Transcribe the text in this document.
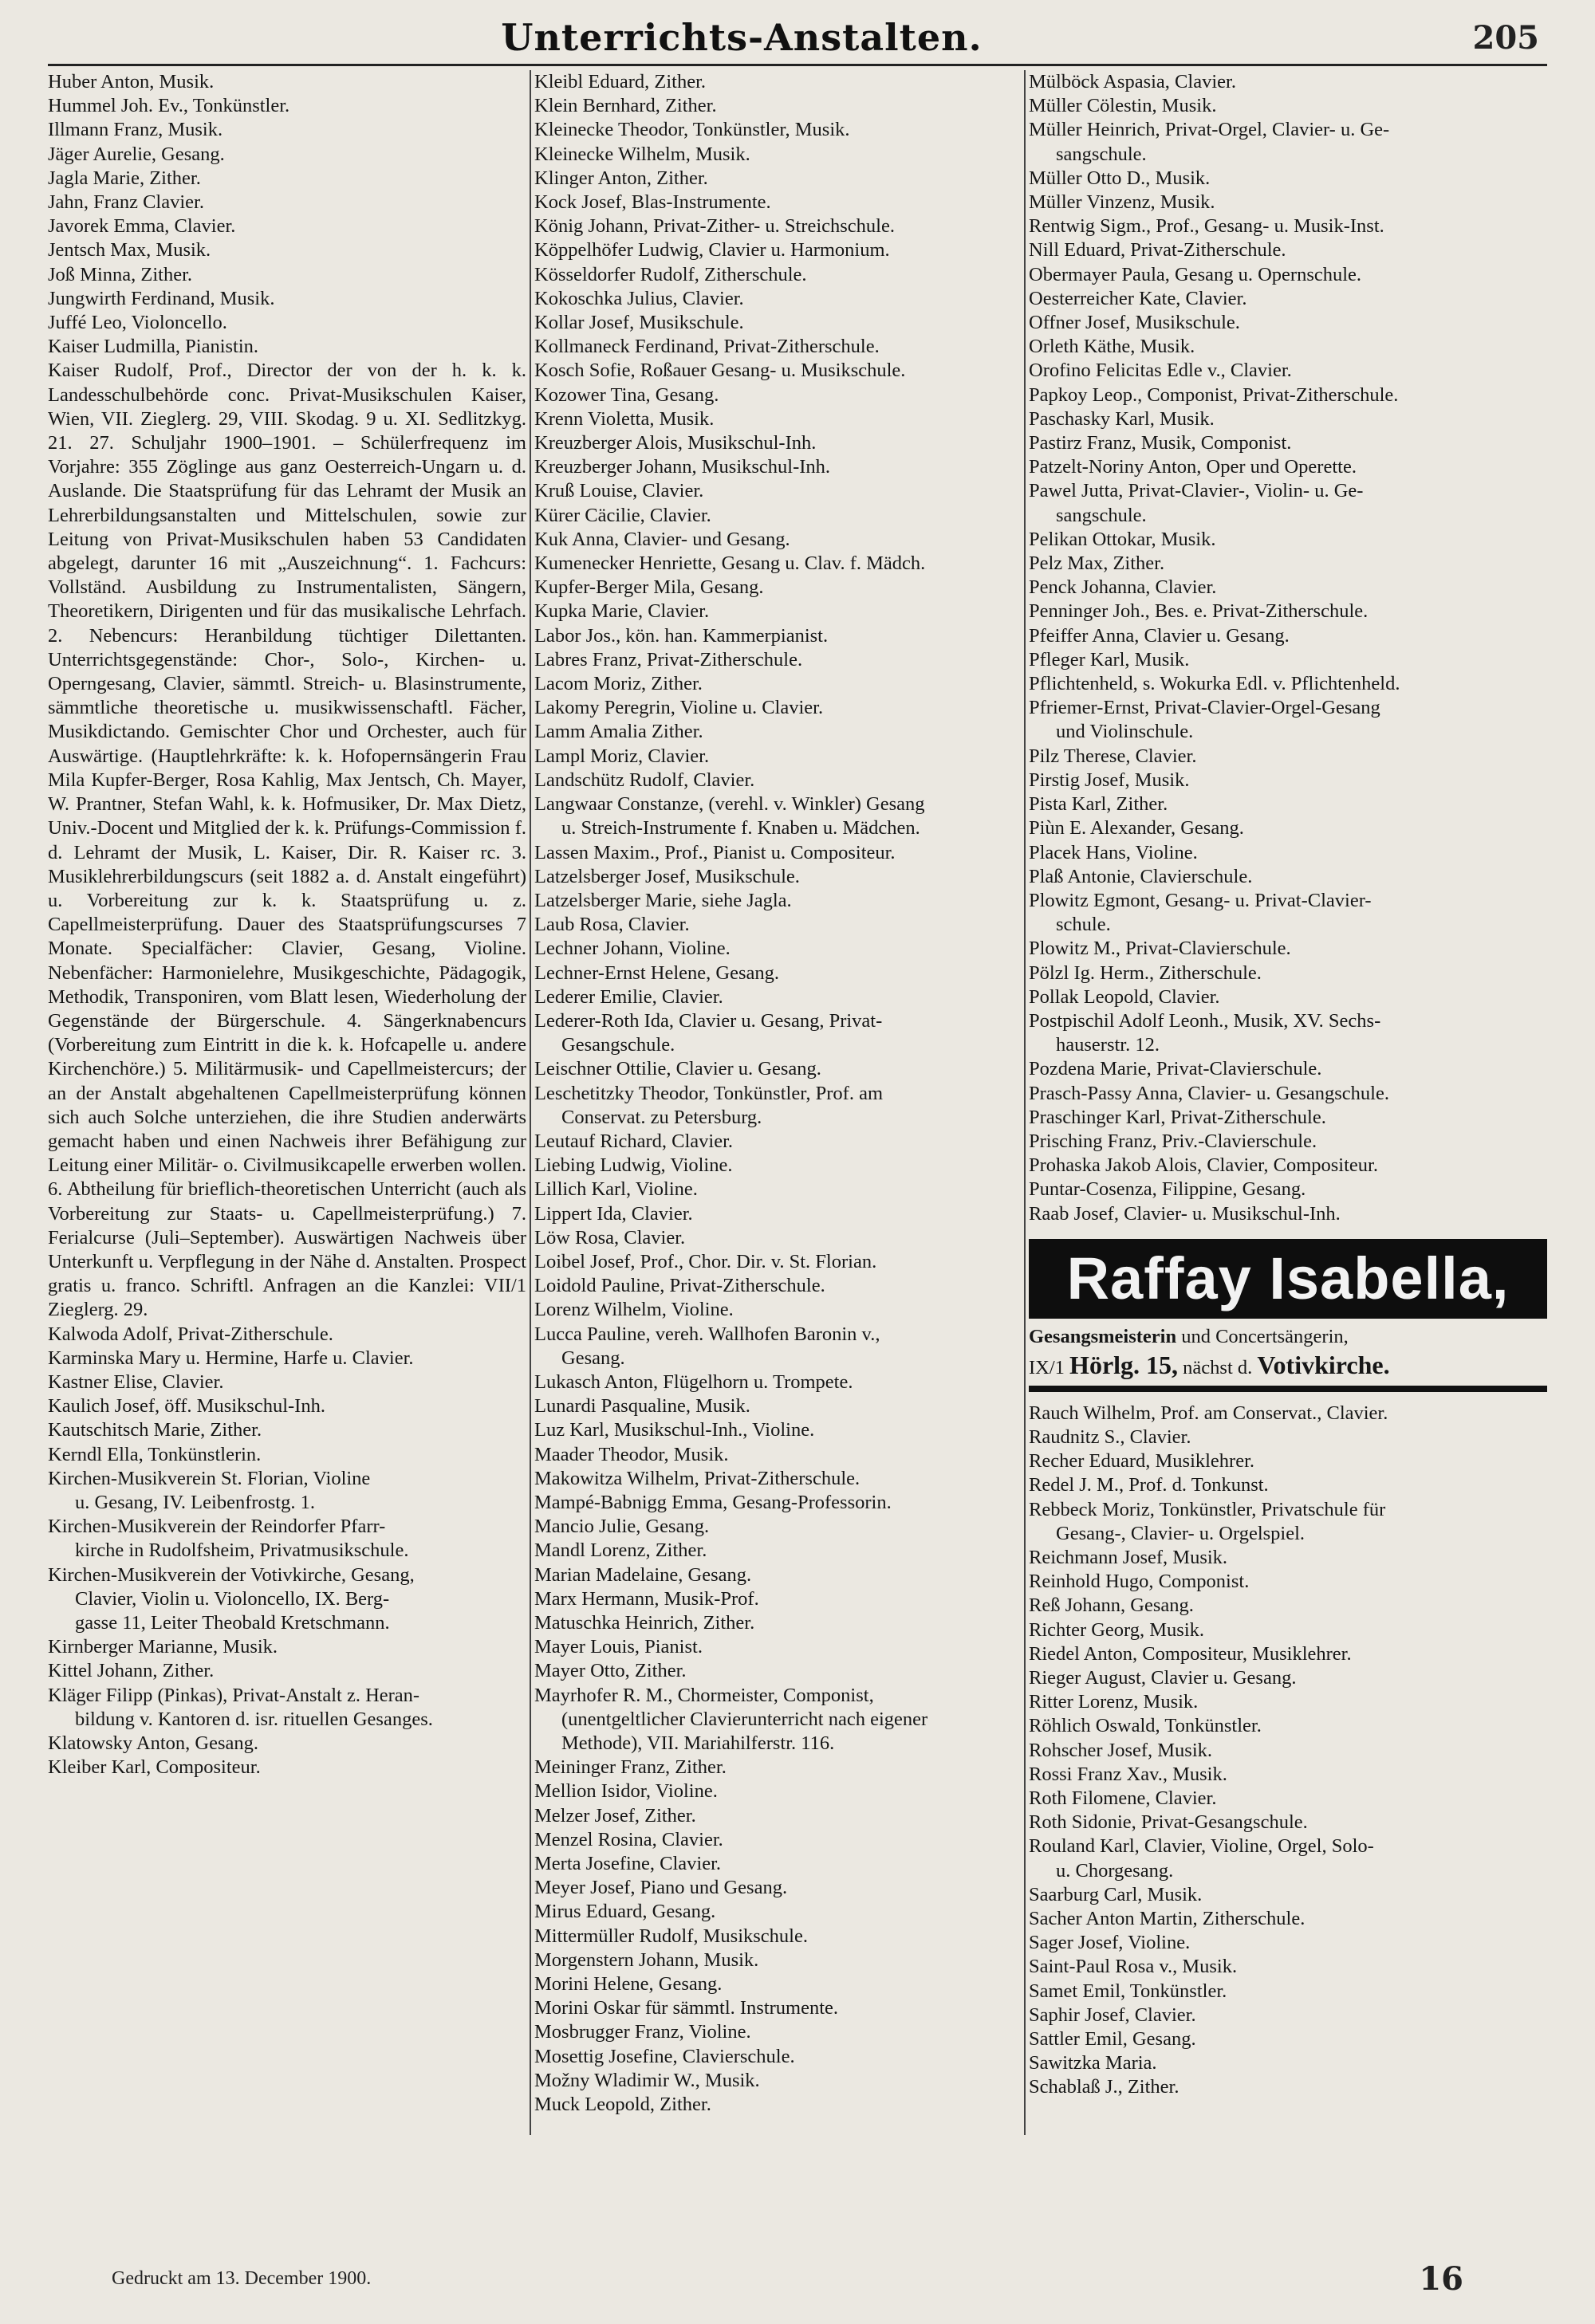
Unterrichts-Anstalten.	205
Huber Anton, Musik.
Hummel Joh. Ev., Tonkünstler.
Illmann Franz, Musik.
Jäger Aurelie, Gesang.
Jagla Marie, Zither.
Jahn, Franz Clavier.
Javorek Emma, Clavier.
Jentsch Max, Musik.
Joß Minna, Zither.
Jungwirth Ferdinand, Musik.
Juffé Leo, Violoncello.
Kaiser Ludmilla, Pianistin.
Kaiser Rudolf, Prof., Director der von der h. k. k. Landesschulbehörde conc. Privat-Musikschulen Kaiser, Wien, VII. Zieglerg. 29, VIII. Skodag. 9 u. XI. Sedlitzkyg. 21. 27. Schuljahr 1900–1901. – Schülerfrequenz im Vorjahre: 355 Zöglinge aus ganz Oesterreich-Ungarn u. d. Auslande. Die Staatsprüfung für das Lehramt der Musik an Lehrerbildungsanstalten und Mittelschulen, sowie zur Leitung von Privat-Musikschulen haben 53 Candidaten abgelegt, darunter 16 mit „Auszeichnung“. 1. Fachcurs: Vollständ. Ausbildung zu Instrumentalisten, Sängern, Theoretikern, Dirigenten und für das musikalische Lehrfach. 2. Nebencurs: Heranbildung tüchtiger Dilettanten. Unterrichtsgegenstände: Chor-, Solo-, Kirchen- u. Operngesang, Clavier, sämmtl. Streich- u. Blasinstrumente, sämmtliche theoretische u. musikwissenschaftl. Fächer, Musikdictando. Gemischter Chor und Orchester, auch für Auswärtige. (Hauptlehrkräfte: k. k. Hofopernsängerin Frau Mila Kupfer-Berger, Rosa Kahlig, Max Jentsch, Ch. Mayer, W. Prantner, Stefan Wahl, k. k. Hofmusiker, Dr. Max Dietz, Univ.-Docent und Mitglied der k. k. Prüfungs-Commission f. d. Lehramt der Musik, L. Kaiser, Dir. R. Kaiser rc. 3. Musiklehrerbildungscurs (seit 1882 a. d. Anstalt eingeführt) u. Vorbereitung zur k. k. Staatsprüfung u. z. Capellmeisterprüfung. Dauer des Staatsprüfungscurses 7 Monate. Specialfächer: Clavier, Gesang, Violine. Nebenfächer: Harmonielehre, Musikgeschichte, Pädagogik, Methodik, Transponiren, vom Blatt lesen, Wiederholung der Gegenstände der Bürgerschule. 4. Sängerknabencurs (Vorbereitung zum Eintritt in die k. k. Hofcapelle u. andere Kirchenchöre.) 5. Militärmusik- und Capellmeistercurs; der an der Anstalt abgehaltenen Capellmeisterprüfung können sich auch Solche unterziehen, die ihre Studien anderwärts gemacht haben und einen Nachweis ihrer Befähigung zur Leitung einer Militär- o. Civilmusikcapelle erwerben wollen. 6. Abtheilung für brieflich-theoretischen Unterricht (auch als Vorbereitung zur Staats- u. Capellmeisterprüfung.) 7. Ferialcurse (Juli–September). Auswärtigen Nachweis über Unterkunft u. Verpflegung in der Nähe d. Anstalten. Prospect gratis u. franco. Schriftl. Anfragen an die Kanzlei: VII/1 Zieglerg. 29.
Kalwoda Adolf, Privat-Zitherschule.
Karminska Mary u. Hermine, Harfe u. Clavier.
Kastner Elise, Clavier.
Kaulich Josef, öff. Musikschul-Inh.
Kautschitsch Marie, Zither.
Kerndl Ella, Tonkünstlerin.
Kirchen-Musikverein St. Florian, Violine
u. Gesang, IV. Leibenfrostg. 1.
Kirchen-Musikverein der Reindorfer Pfarr-
kirche in Rudolfsheim, Privatmusikschule.
Kirchen-Musikverein der Votivkirche, Gesang,
Clavier, Violin u. Violoncello, IX. Berg-
gasse 11, Leiter Theobald Kretschmann.
Kirnberger Marianne, Musik.
Kittel Johann, Zither.
Kläger Filipp (Pinkas), Privat-Anstalt z. Heran-
bildung v. Kantoren d. isr. rituellen Gesanges.
Klatowsky Anton, Gesang.
Kleiber Karl, Compositeur.
Kleibl Eduard, Zither.
Klein Bernhard, Zither.
Kleinecke Theodor, Tonkünstler, Musik.
Kleinecke Wilhelm, Musik.
Klinger Anton, Zither.
Kock Josef, Blas-Instrumente.
König Johann, Privat-Zither- u. Streichschule.
Köppelhöfer Ludwig, Clavier u. Harmonium.
Kösseldorfer Rudolf, Zitherschule.
Kokoschka Julius, Clavier.
Kollar Josef, Musikschule.
Kollmaneck Ferdinand, Privat-Zitherschule.
Kosch Sofie, Roßauer Gesang- u. Musikschule.
Kozower Tina, Gesang.
Krenn Violetta, Musik.
Kreuzberger Alois, Musikschul-Inh.
Kreuzberger Johann, Musikschul-Inh.
Kruß Louise, Clavier.
Kürer Cäcilie, Clavier.
Kuk Anna, Clavier- und Gesang.
Kumenecker Henriette, Gesang u. Clav. f. Mädch.
Kupfer-Berger Mila, Gesang.
Kupka Marie, Clavier.
Labor Jos., kön. han. Kammerpianist.
Labres Franz, Privat-Zitherschule.
Lacom Moriz, Zither.
Lakomy Peregrin, Violine u. Clavier.
Lamm Amalia Zither.
Lampl Moriz, Clavier.
Landschütz Rudolf, Clavier.
Langwaar Constanze, (verehl. v. Winkler) Gesang
u. Streich-Instrumente f. Knaben u. Mädchen.
Lassen Maxim., Prof., Pianist u. Compositeur.
Latzelsberger Josef, Musikschule.
Latzelsberger Marie, siehe Jagla.
Laub Rosa, Clavier.
Lechner Johann, Violine.
Lechner-Ernst Helene, Gesang.
Lederer Emilie, Clavier.
Lederer-Roth Ida, Clavier u. Gesang, Privat-
Gesangschule.
Leischner Ottilie, Clavier u. Gesang.
Leschetitzky Theodor, Tonkünstler, Prof. am
Conservat. zu Petersburg.
Leutauf Richard, Clavier.
Liebing Ludwig, Violine.
Lillich Karl, Violine.
Lippert Ida, Clavier.
Löw Rosa, Clavier.
Loibel Josef, Prof., Chor. Dir. v. St. Florian.
Loidold Pauline, Privat-Zitherschule.
Lorenz Wilhelm, Violine.
Lucca Pauline, vereh. Wallhofen Baronin v.,
Gesang.
Lukasch Anton, Flügelhorn u. Trompete.
Lunardi Pasqualine, Musik.
Luz Karl, Musikschul-Inh., Violine.
Maader Theodor, Musik.
Makowitza Wilhelm, Privat-Zitherschule.
Mampé-Babnigg Emma, Gesang-Professorin.
Mancio Julie, Gesang.
Mandl Lorenz, Zither.
Marian Madelaine, Gesang.
Marx Hermann, Musik-Prof.
Matuschka Heinrich, Zither.
Mayer Louis, Pianist.
Mayer Otto, Zither.
Mayrhofer R. M., Chormeister, Componist,
(unentgeltlicher Clavierunterricht nach eigener
Methode), VII. Mariahilferstr. 116.
Meininger Franz, Zither.
Mellion Isidor, Violine.
Melzer Josef, Zither.
Menzel Rosina, Clavier.
Merta Josefine, Clavier.
Meyer Josef, Piano und Gesang.
Mirus Eduard, Gesang.
Mittermüller Rudolf, Musikschule.
Morgenstern Johann, Musik.
Morini Helene, Gesang.
Morini Oskar für sämmtl. Instrumente.
Mosbrugger Franz, Violine.
Mosettig Josefine, Clavierschule.
Možny Wladimir W., Musik.
Muck Leopold, Zither.
Mülböck Aspasia, Clavier.
Müller Cölestin, Musik.
Müller Heinrich, Privat-Orgel, Clavier- u. Ge-
sangschule.
Müller Otto D., Musik.
Müller Vinzenz, Musik.
Rentwig Sigm., Prof., Gesang- u. Musik-Inst.
Nill Eduard, Privat-Zitherschule.
Obermayer Paula, Gesang u. Opernschule.
Oesterreicher Kate, Clavier.
Offner Josef, Musikschule.
Orleth Käthe, Musik.
Orofino Felicitas Edle v., Clavier.
Papkoy Leop., Componist, Privat-Zitherschule.
Paschasky Karl, Musik.
Pastirz Franz, Musik, Componist.
Patzelt-Noriny Anton, Oper und Operette.
Pawel Jutta, Privat-Clavier-, Violin- u. Ge-
sangschule.
Pelikan Ottokar, Musik.
Pelz Max, Zither.
Penck Johanna, Clavier.
Penninger Joh., Bes. e. Privat-Zitherschule.
Pfeiffer Anna, Clavier u. Gesang.
Pfleger Karl, Musik.
Pflichtenheld, s. Wokurka Edl. v. Pflichtenheld.
Pfriemer-Ernst, Privat-Clavier-Orgel-Gesang
und Violinschule.
Pilz Therese, Clavier.
Pirstig Josef, Musik.
Pista Karl, Zither.
Piùn E. Alexander, Gesang.
Placek Hans, Violine.
Plaß Antonie, Clavierschule.
Plowitz Egmont, Gesang- u. Privat-Clavier-
schule.
Plowitz M., Privat-Clavierschule.
Pölzl Ig. Herm., Zitherschule.
Pollak Leopold, Clavier.
Postpischil Adolf Leonh., Musik, XV. Sechs-
hauserstr. 12.
Pozdena Marie, Privat-Clavierschule.
Prasch-Passy Anna, Clavier- u. Gesangschule.
Praschinger Karl, Privat-Zitherschule.
Prisching Franz, Priv.-Clavierschule.
Prohaska Jakob Alois, Clavier, Compositeur.
Puntar-Cosenza, Filippine, Gesang.
Raab Josef, Clavier- u. Musikschul-Inh.
Raffay Isabella,
Gesangsmeisterin und Concertsängerin,
IX/1 Hörlg. 15, nächst d. Votivkirche.
Rauch Wilhelm, Prof. am Conservat., Clavier.
Raudnitz S., Clavier.
Recher Eduard, Musiklehrer.
Redel J. M., Prof. d. Tonkunst.
Rebbeck Moriz, Tonkünstler, Privatschule für
Gesang-, Clavier- u. Orgelspiel.
Reichmann Josef, Musik.
Reinhold Hugo, Componist.
Reß Johann, Gesang.
Richter Georg, Musik.
Riedel Anton, Compositeur, Musiklehrer.
Rieger August, Clavier u. Gesang.
Ritter Lorenz, Musik.
Röhlich Oswald, Tonkünstler.
Rohscher Josef, Musik.
Rossi Franz Xav., Musik.
Roth Filomene, Clavier.
Roth Sidonie, Privat-Gesangschule.
Rouland Karl, Clavier, Violine, Orgel, Solo-
u. Chorgesang.
Saarburg Carl, Musik.
Sacher Anton Martin, Zitherschule.
Sager Josef, Violine.
Saint-Paul Rosa v., Musik.
Samet Emil, Tonkünstler.
Saphir Josef, Clavier.
Sattler Emil, Gesang.
Sawitzka Maria.
Schablaß J., Zither.
Gedruckt am 13. December 1900.	16
